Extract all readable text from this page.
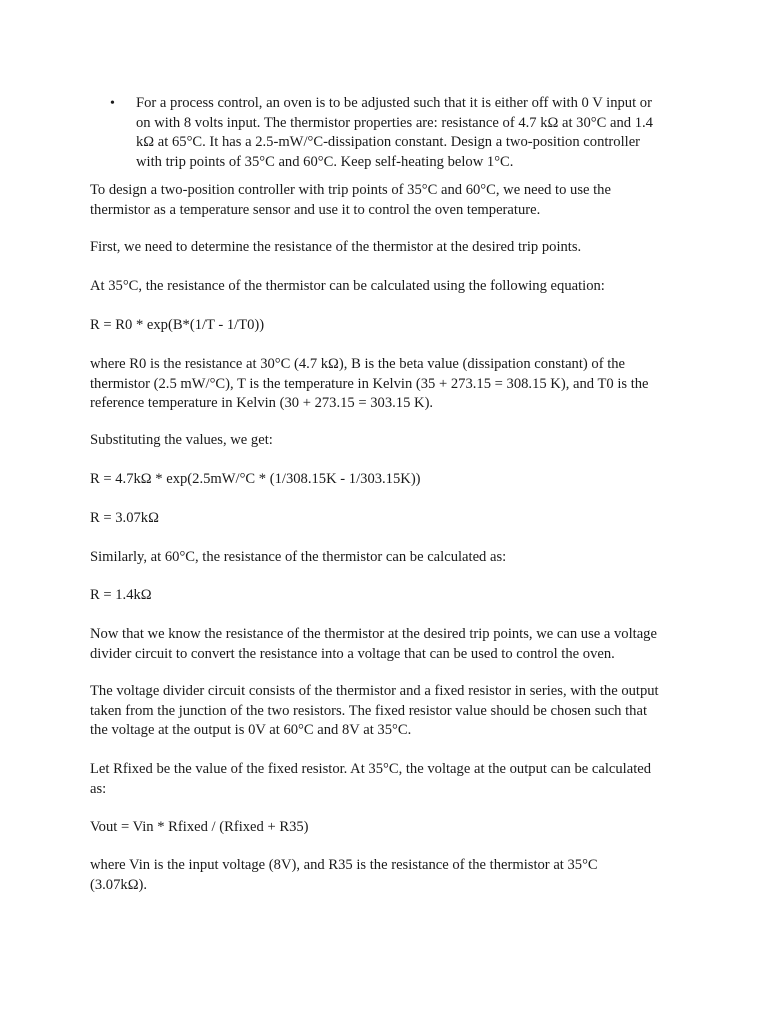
• For a process control, an oven is to be adjusted such that it is either off with 0 V input or
on with 8 volts input. The thermistor properties are: resistance of 4.7 kΩ at 30°C and 1.4
kΩ at 65°C. It has a 2.5-mW/°C-dissipation constant. Design a two-position controller
with trip points of 35°C and 60°C. Keep self-heating below 1°C.

To design a two-position controller with trip points of 35°C and 60°C, we need to use the
thermistor as a temperature sensor and use it to control the oven temperature.

First, we need to determine the resistance of the thermistor at the desired trip points.

At 35°C, the resistance of the thermistor can be calculated using the following equation:

R = R0 * exp(B*(1/T - 1/T0))

where R0 is the resistance at 30°C (4.7 kΩ), B is the beta value (dissipation constant) of the
thermistor (2.5 mW/°C), T is the temperature in Kelvin (35 + 273.15 = 308.15 K), and T0 is the
reference temperature in Kelvin (30 + 273.15 = 303.15 K).

Substituting the values, we get:

R = 4.7kΩ * exp(2.5mW/°C * (1/308.15K - 1/303.15K))

R = 3.07kΩ

Similarly, at 60°C, the resistance of the thermistor can be calculated as:

R = 1.4kΩ

Now that we know the resistance of the thermistor at the desired trip points, we can use a voltage
divider circuit to convert the resistance into a voltage that can be used to control the oven.

The voltage divider circuit consists of the thermistor and a fixed resistor in series, with the output
taken from the junction of the two resistors. The fixed resistor value should be chosen such that
the voltage at the output is 0V at 60°C and 8V at 35°C.

Let Rfixed be the value of the fixed resistor. At 35°C, the voltage at the output can be calculated
as:

Vout = Vin * Rfixed / (Rfixed + R35)

where Vin is the input voltage (8V), and R35 is the resistance of the thermistor at 35°C
(3.07kΩ).
